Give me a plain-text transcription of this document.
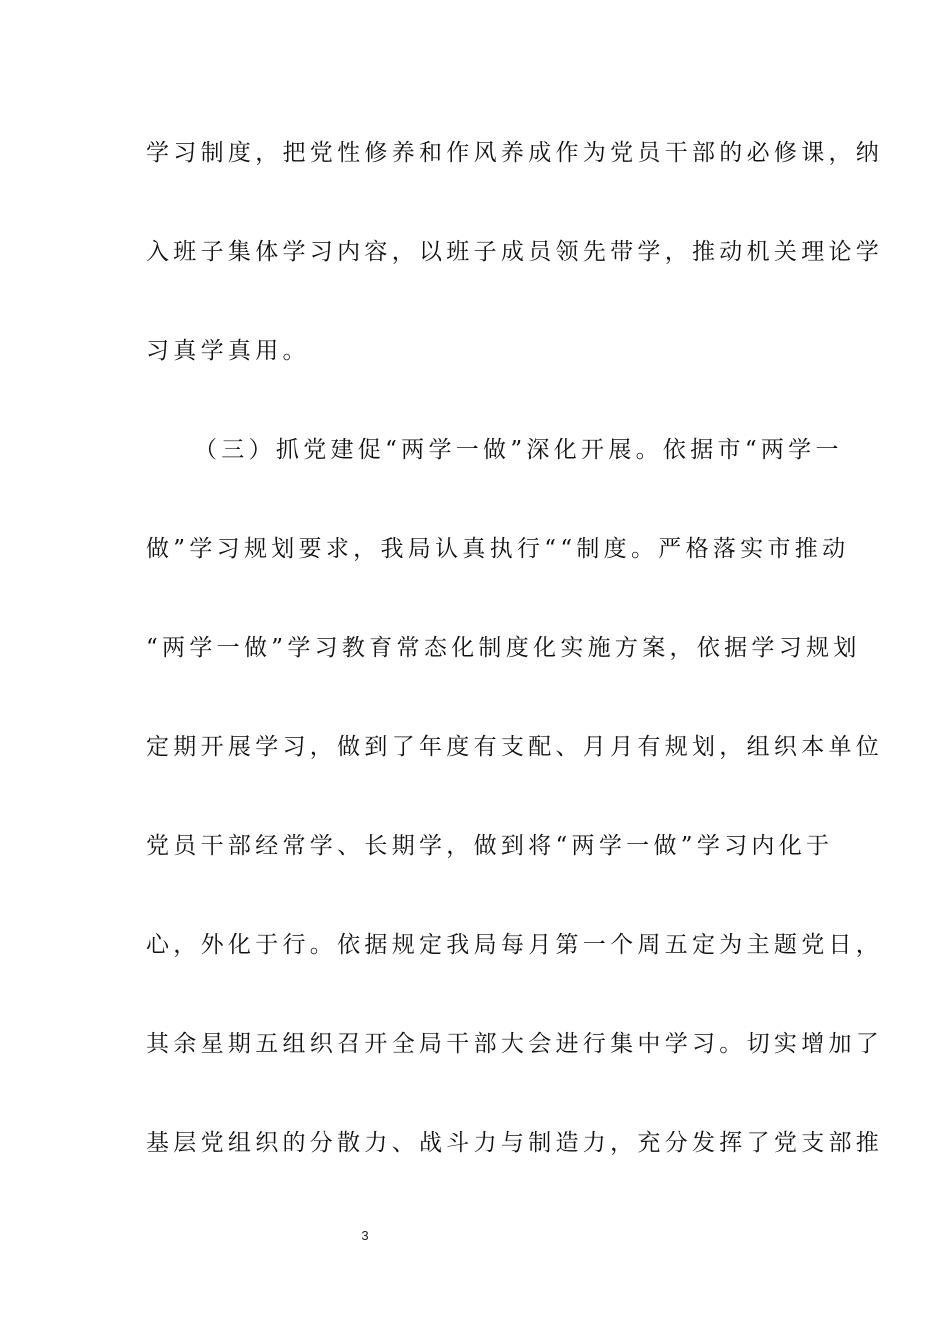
学习制度，把党性修养和作风养成作为党员干部的必修课，纳
入班子集体学习内容，以班子成员领先带学，推动机关理论学
习真学真用。
（三）抓党建促“两学一做”深化开展。依据市“两学一
做”学习规划要求，我局认真执行““制度。严格落实市推动
“两学一做”学习教育常态化制度化实施方案，依据学习规划
定期开展学习，做到了年度有支配、月月有规划，组织本单位
党员干部经常学、长期学，做到将“两学一做”学习内化于
心，外化于行。依据规定我局每月第一个周五定为主题党日，
其余星期五组织召开全局干部大会进行集中学习。切实增加了
基层党组织的分散力、战斗力与制造力，充分发挥了党支部推
3
